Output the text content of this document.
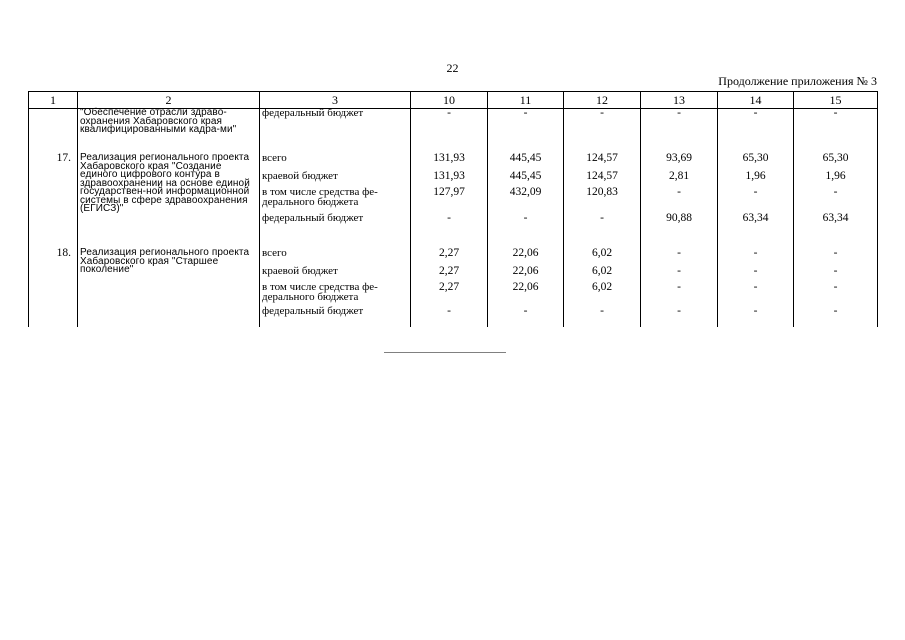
22
Продолжение приложения № 3
1	2	3	10	11	12	13	14	15
	"Обеспечение отрасли здраво-охранения Хабаровского края квалифицированными кадра-ми"	федеральный бюджет	-	-	-	-	-	-
17.	Реализация регионального проекта Хабаровского края "Создание единого цифрового контура в здравоохранении на основе единой государствен-ной информационной системы в сфере здравоохранения (ЕГИСЗ)"	всего	131,93	445,45	124,57	93,69	65,30	65,30
		краевой бюджет	131,93	445,45	124,57	2,81	1,96	1,96
		в том числе средства фе-дерального бюджета	127,97	432,09	120,83	-	-	-
		федеральный бюджет	-	-	-	90,88	63,34	63,34
18.	Реализация регионального проекта Хабаровского края "Старшее поколение"	всего	2,27	22,06	6,02	-	-	-
		краевой бюджет	2,27	22,06	6,02	-	-	-
		в том числе средства фе-дерального бюджета	2,27	22,06	6,02	-	-	-
		федеральный бюджет	-	-	-	-	-	-
